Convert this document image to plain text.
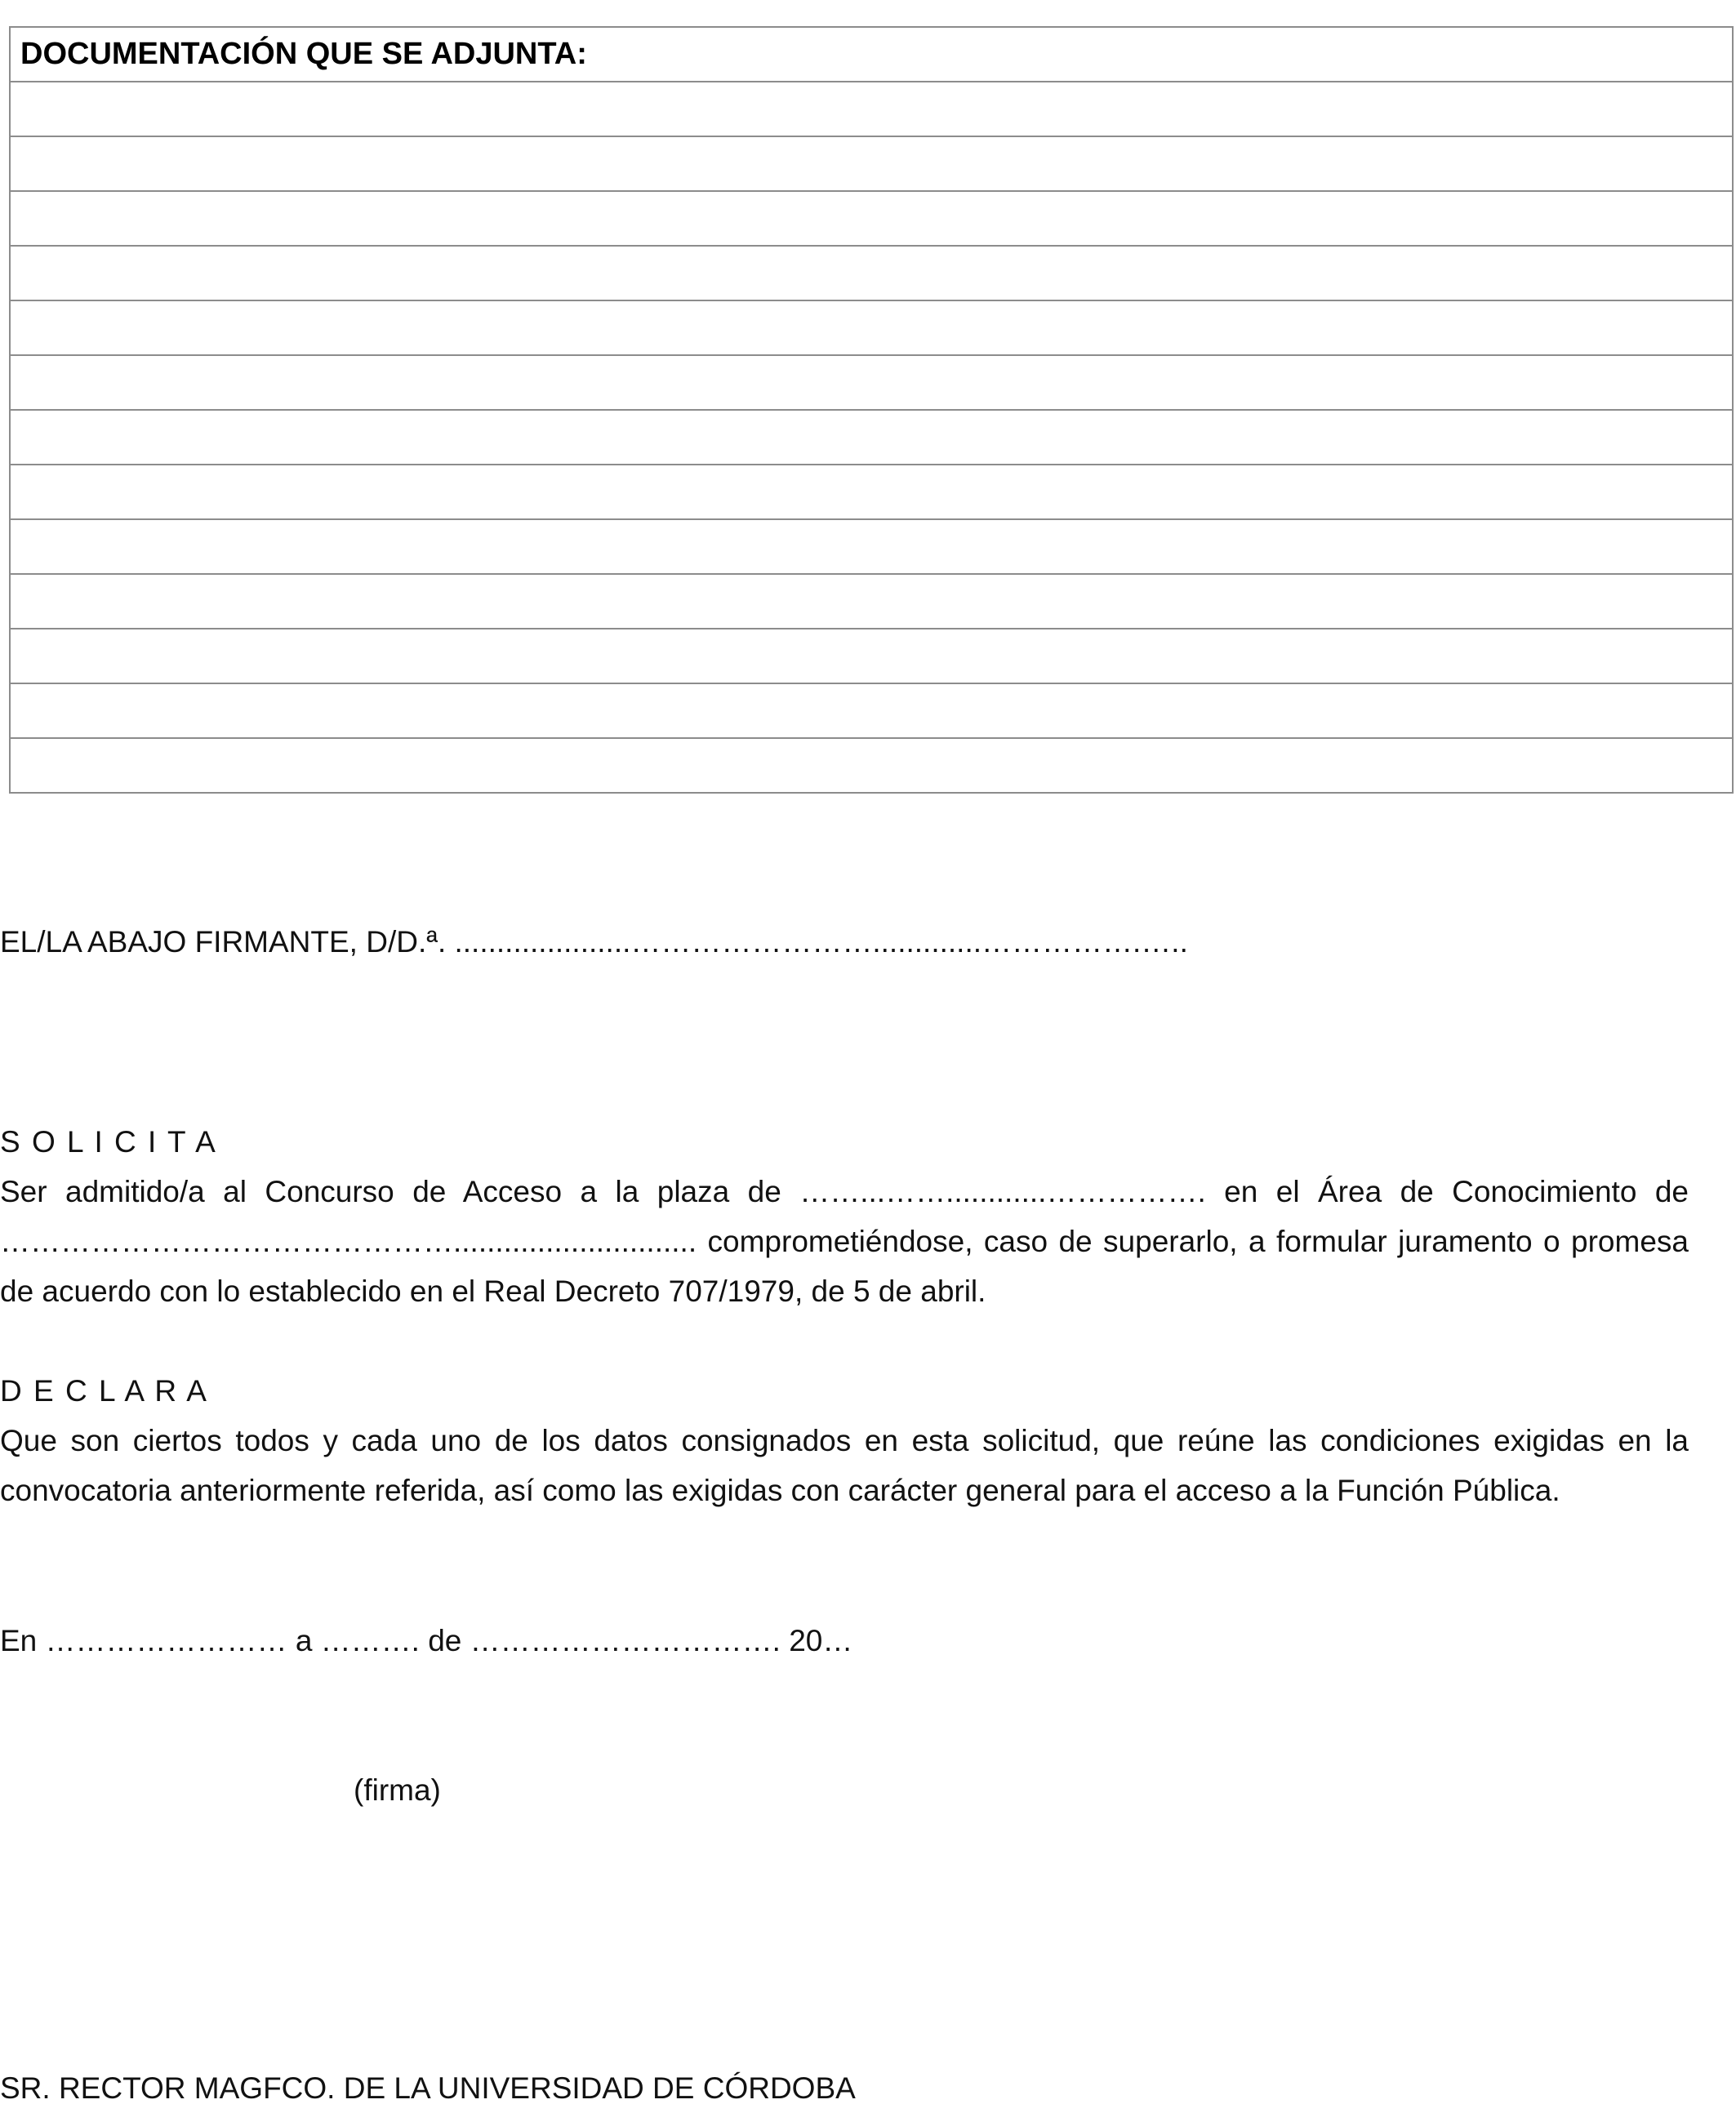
DOCUMENTACIÓN QUE SE ADJUNTA:

EL/LA ABAJO FIRMANTE, D/D.ª. .....................…………………….............…………….…..
S O L I C I T A
Ser admitido/a al Concurso de Acceso a la plaza de ……...……............……………. en el Área de Conocimiento de ………………………………………............................. comprometiéndose, caso de superarlo, a formular juramento o promesa de acuerdo con lo establecido en el Real Decreto 707/1979, de 5 de abril.
D E C L A R A
Que son ciertos todos y cada uno de los datos consignados en esta solicitud, que reúne las condiciones exigidas en la convocatoria anteriormente referida, así como las exigidas con carácter general para el acceso a la Función Pública.
En …………………… a ………. de …………………………. 20…
(firma)
SR. RECTOR MAGFCO. DE LA UNIVERSIDAD DE CÓRDOBA
